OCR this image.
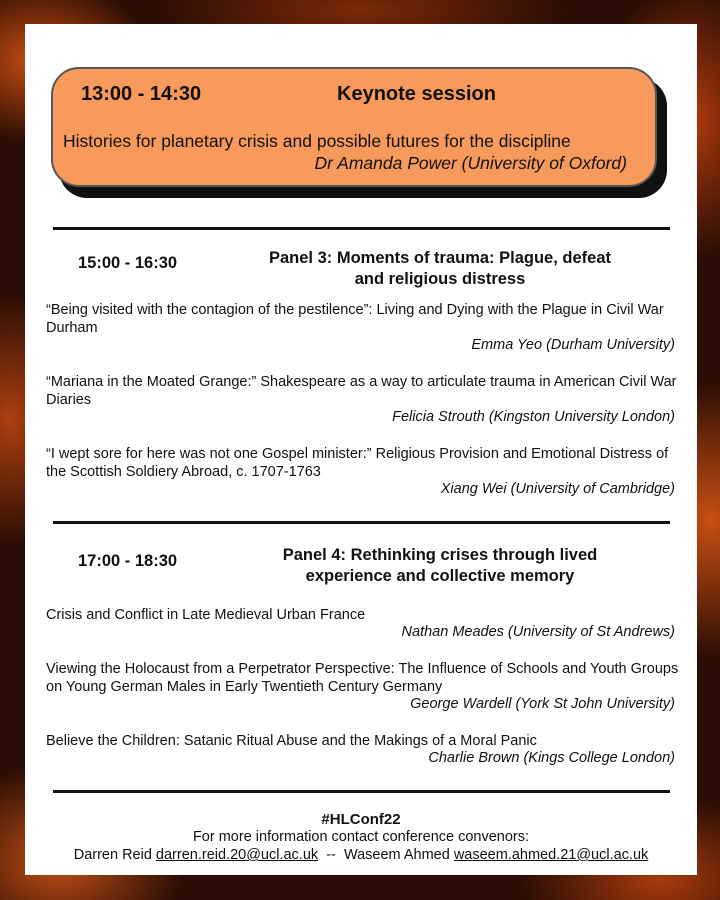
13:00 - 14:30	Keynote session
Histories for planetary crisis and possible futures for the discipline
Dr Amanda Power (University of Oxford)
15:00 - 16:30	Panel 3: Moments of trauma: Plague, defeat and religious distress
“Being visited with the contagion of the pestilence”: Living and Dying with the Plague in Civil War Durham
Emma Yeo (Durham University)
“Mariana in the Moated Grange:” Shakespeare as a way to articulate trauma in American Civil War Diaries
Felicia Strouth (Kingston University London)
“I wept sore for here was not one Gospel minister:” Religious Provision and Emotional Distress of the Scottish Soldiery Abroad, c. 1707-1763
Xiang Wei (University of Cambridge)
17:00 - 18:30	Panel 4: Rethinking crises through lived experience and collective memory
Crisis and Conflict in Late Medieval Urban France
Nathan Meades (University of St Andrews)
Viewing the Holocaust from a Perpetrator Perspective: The Influence of Schools and Youth Groups on Young German Males in Early Twentieth Century Germany
George Wardell (York St John University)
Believe the Children: Satanic Ritual Abuse and the Makings of a Moral Panic
Charlie Brown (Kings College London)
#HLConf22
For more information contact conference convenors:
Darren Reid darren.reid.20@ucl.ac.uk -- Waseem Ahmed waseem.ahmed.21@ucl.ac.uk
